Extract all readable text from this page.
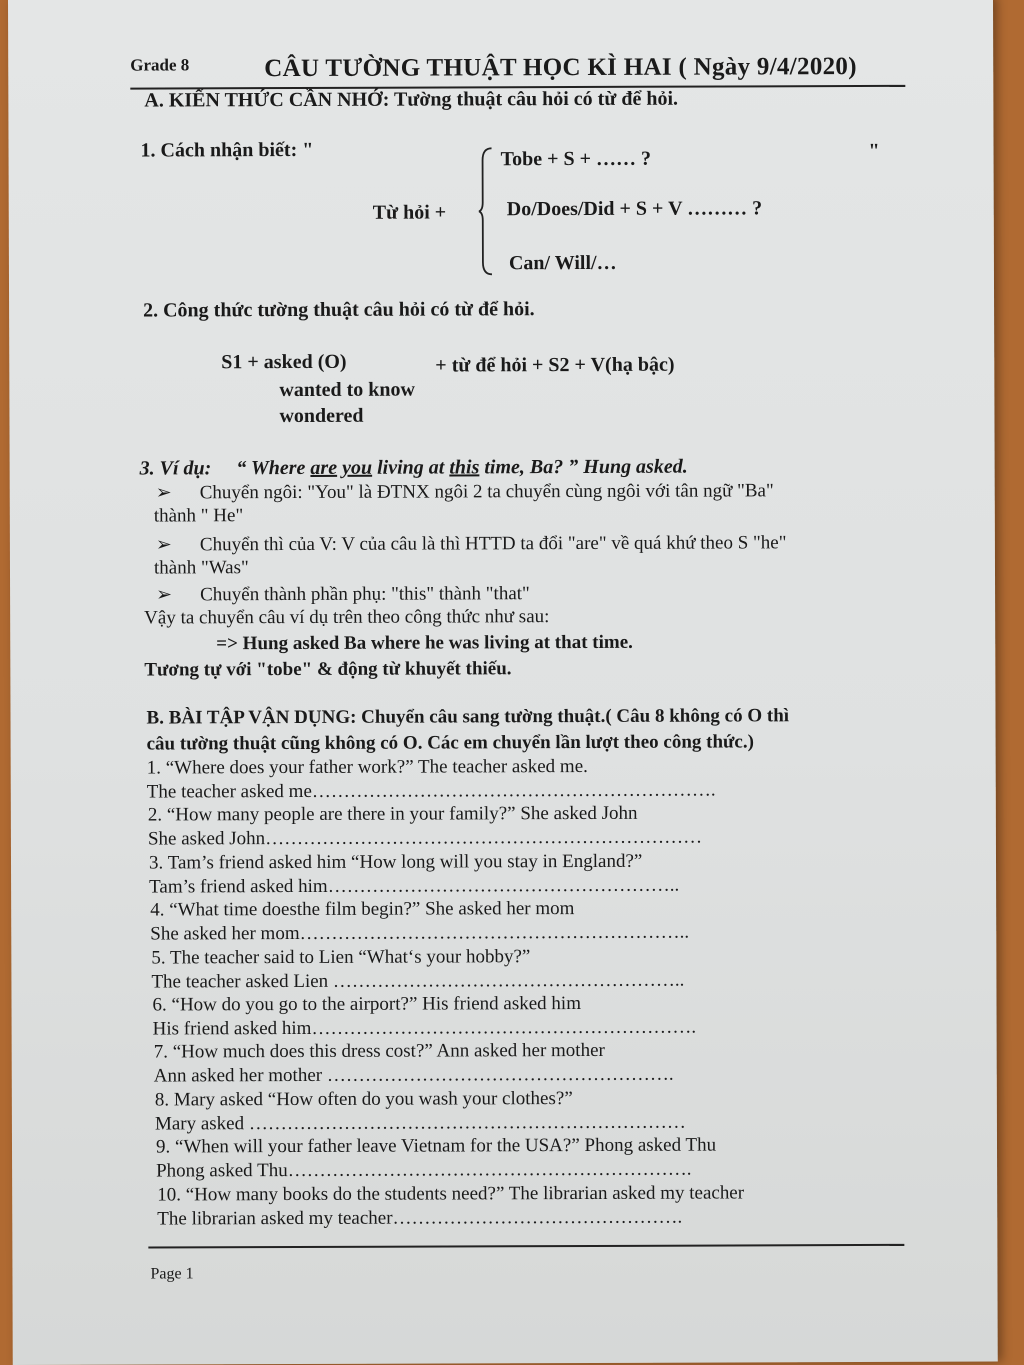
Grade 8	CÂU TƯỜNG THUẬT HỌC KÌ HAI ( Ngày 9/4/2020)
A. KIẾN THỨC CẦN NHỚ: Tường thuật câu hỏi có từ để hỏi.
1. Cách nhận biết: "
Từ hỏi +
Tobe + S + …… ?
Do/Does/Did + S + V ……… ?
Can/ Will/…
"
2. Công thức tường thuật câu hỏi có từ để hỏi.
S1 + asked (O)
wanted to know
wondered
+ từ để hỏi + S2 + V(hạ bậc)
3. Ví dụ: “ Where are you living at this time, Ba? ” Hung asked.
➢ Chuyển ngôi: "You" là ĐTNX ngôi 2 ta chuyển cùng ngôi với tân ngữ "Ba"
thành " He"
➢ Chuyển thì của V: V của câu là thì HTTD ta đổi "are" về quá khứ theo S "he"
thành "Was"
➢ Chuyển thành phần phụ: "this" thành "that"
Vậy ta chuyển câu ví dụ trên theo công thức như sau:
=> Hung asked Ba where he was living at that time.
Tương tự với "tobe" & động từ khuyết thiếu.
B. BÀI TẬP VẬN DỤNG: Chuyển câu sang tường thuật.( Câu 8 không có O thì
câu tường thuật cũng không có O. Các em chuyển lần lượt theo công thức.)
1. “Where does your father work?” The teacher asked me.
The teacher asked me……………………………………………………….
2. “How many people are there in your family?” She asked John
She asked John……………………………………………………………
3. Tam’s friend asked him “How long will you stay in England?”
Tam’s friend asked him………………………………………………..
4. “What time doesthe film begin?” She asked her mom
She asked her mom……………………………………………………..
5. The teacher said to Lien “What‘s your hobby?”
The teacher asked Lien ………………………………………………..
6. “How do you go to the airport?” His friend asked him
His friend asked him…………………………………………………….
7. “How much does this dress cost?” Ann asked her mother
Ann asked her mother ……………………………………………….
8. Mary asked “How often do you wash your clothes?”
Mary asked ……………………………………………………………
9. “When will your father leave Vietnam for the USA?” Phong asked Thu
Phong asked Thu……………………………………………………….
10. “How many books do the students need?” The librarian asked my teacher
The librarian asked my teacher……………………………………….
Page 1
